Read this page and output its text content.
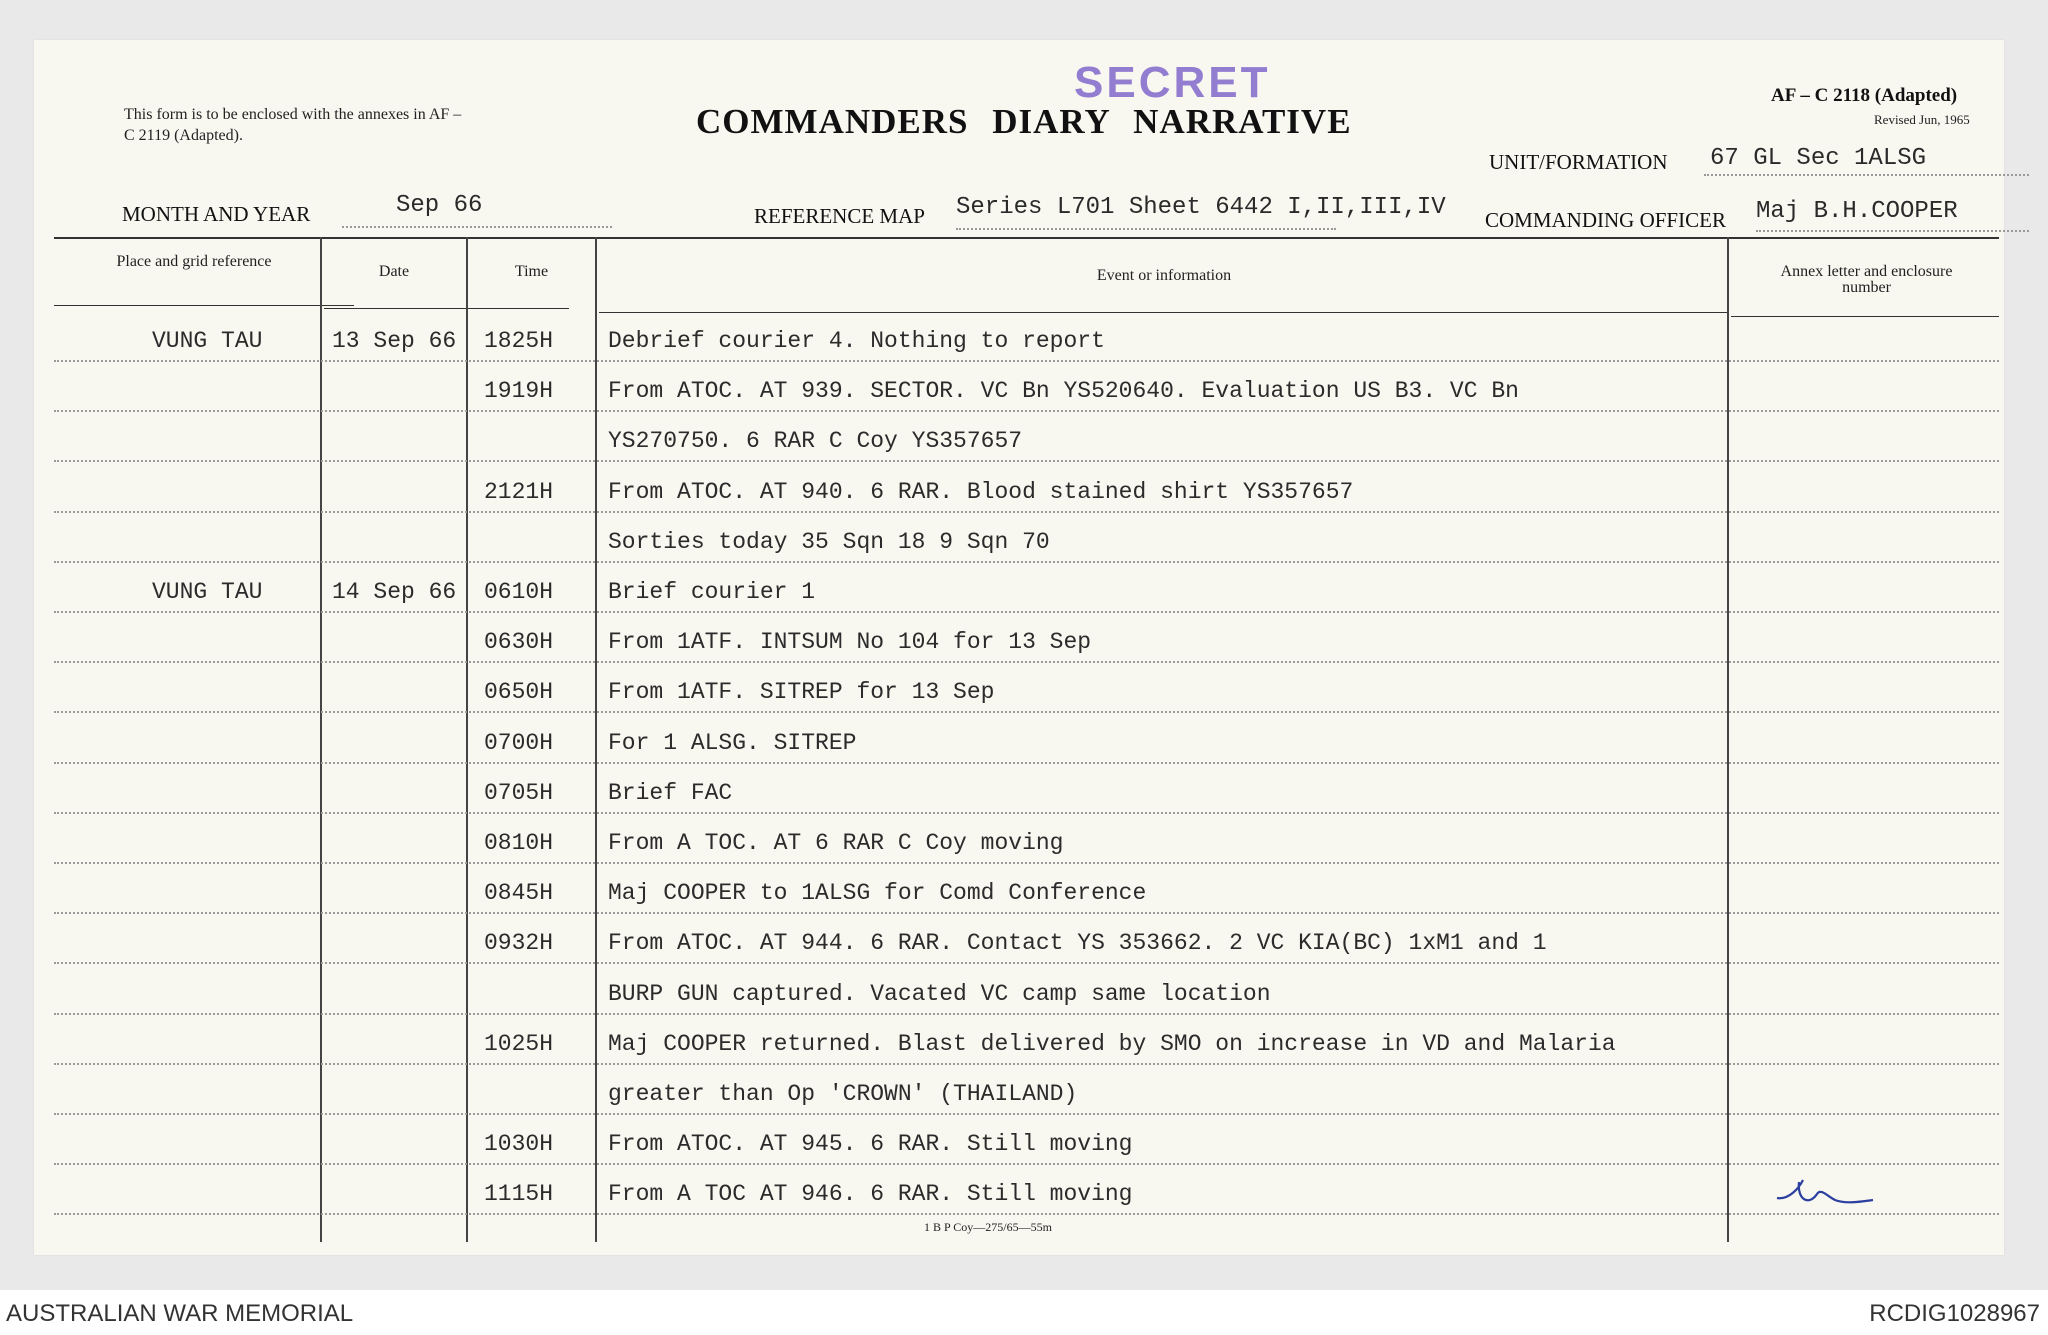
SECRET
This form is to be enclosed with the annexes in AF – C 2119 (Adapted).	COMMANDERS DIARY NARRATIVE
AF – C 2118 (Adapted)
Revised Jun, 1965
UNIT/FORMATION 67 GL Sec 1ALSG
MONTH AND YEAR	Sep 66	REFERENCE MAP Series L701 Sheet 6442 I,II,III,IV COMMANDING OFFICER Maj B.H.COOPER
Place and grid reference
Date	Time	Event or information	Annex letter and enclosure number
VUNG TAU	13 Sep 66 1825H Debrief courier 4. Nothing to report
1919H From ATOC. AT 939. SECTOR. VC Bn YS520640. Evaluation US B3. VC Bn
YS270750. 6 RAR C Coy YS357657
2121H From ATOC. AT 940. 6 RAR. Blood stained shirt YS357657
Sorties today 35 Sqn 18 9 Sqn 70
VUNG TAU	14 Sep 66 0610H Brief courier 1
0630H From 1ATF. INTSUM No 104 for 13 Sep
0650H From 1ATF. SITREP for 13 Sep
0700H For 1 ALSG. SITREP
0705H Brief FAC
0810H From A TOC. AT 6 RAR C Coy moving
0845H Maj COOPER to 1ALSG for Comd Conference
0932H From ATOC. AT 944. 6 RAR. Contact YS 353662. 2 VC KIA(BC) 1xM1 and 1
BURP GUN captured. Vacated VC camp same location
1025H Maj COOPER returned. Blast delivered by SMO on increase in VD and Malaria
greater than Op 'CROWN' (THAILAND)
1030H From ATOC. AT 945. 6 RAR. Still moving
1115H From A TOC AT 946. 6 RAR. Still moving
1 B P Coy—275/65—55m
AUSTRALIAN WAR MEMORIAL	RCDIG1028967
